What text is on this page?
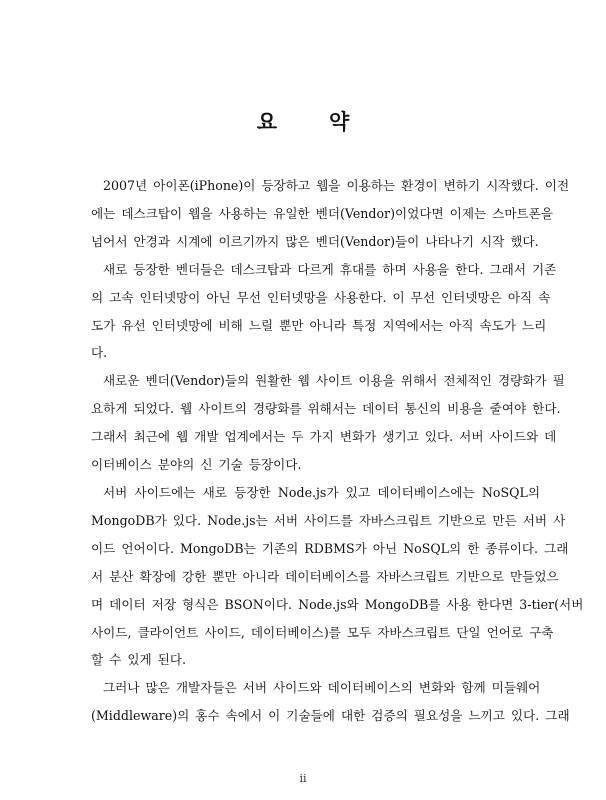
요 약
2007년 아이폰(iPhone)이 등장하고 웹을 이용하는 환경이 변하기 시작했다. 이전
에는 데스크탑이 웹을 사용하는 유일한 벤더(Vendor)이었다면 이제는 스마트폰을
넘어서 안경과 시계에 이르기까지 많은 벤더(Vendor)들이 나타나기 시작 했다.
새로 등장한 벤더들은 데스크탑과 다르게 휴대를 하며 사용을 한다. 그래서 기존
의 고속 인터넷망이 아닌 무선 인터넷망을 사용한다. 이 무선 인터넷망은 아직 속
도가 유선 인터넷망에 비해 느릴 뿐만 아니라 특정 지역에서는 아직 속도가 느리
다.
새로운 벤더(Vendor)들의 원활한 웹 사이트 이용을 위해서 전체적인 경량화가 필
요하게 되었다. 웹 사이트의 경량화를 위해서는 데이터 통신의 비용을 줄여야 한다.
그래서 최근에 웹 개발 업계에서는 두 가지 변화가 생기고 있다. 서버 사이드와 데
이터베이스 분야의 신 기술 등장이다.
서버 사이드에는 새로 등장한 Node.js가 있고 데이터베이스에는 NoSQL의
MongoDB가 있다. Node.js는 서버 사이드를 자바스크립트 기반으로 만든 서버 사
이드 언어이다. MongoDB는 기존의 RDBMS가 아닌 NoSQL의 한 종류이다. 그래
서 분산 확장에 강한 뿐만 아니라 데이터베이스를 자바스크립트 기반으로 만들었으
며 데이터 저장 형식은 BSON이다. Node.js와 MongoDB를 사용 한다면 3-tier(서버
사이드, 클라이언트 사이드, 데이터베이스)를 모두 자바스크립트 단일 언어로 구축
할 수 있게 된다.
그러나 많은 개발자들은 서버 사이드와 데이터베이스의 변화와 함께 미들웨어
(Middleware)의 홍수 속에서 이 기술들에 대한 검증의 필요성을 느끼고 있다. 그래
ii
